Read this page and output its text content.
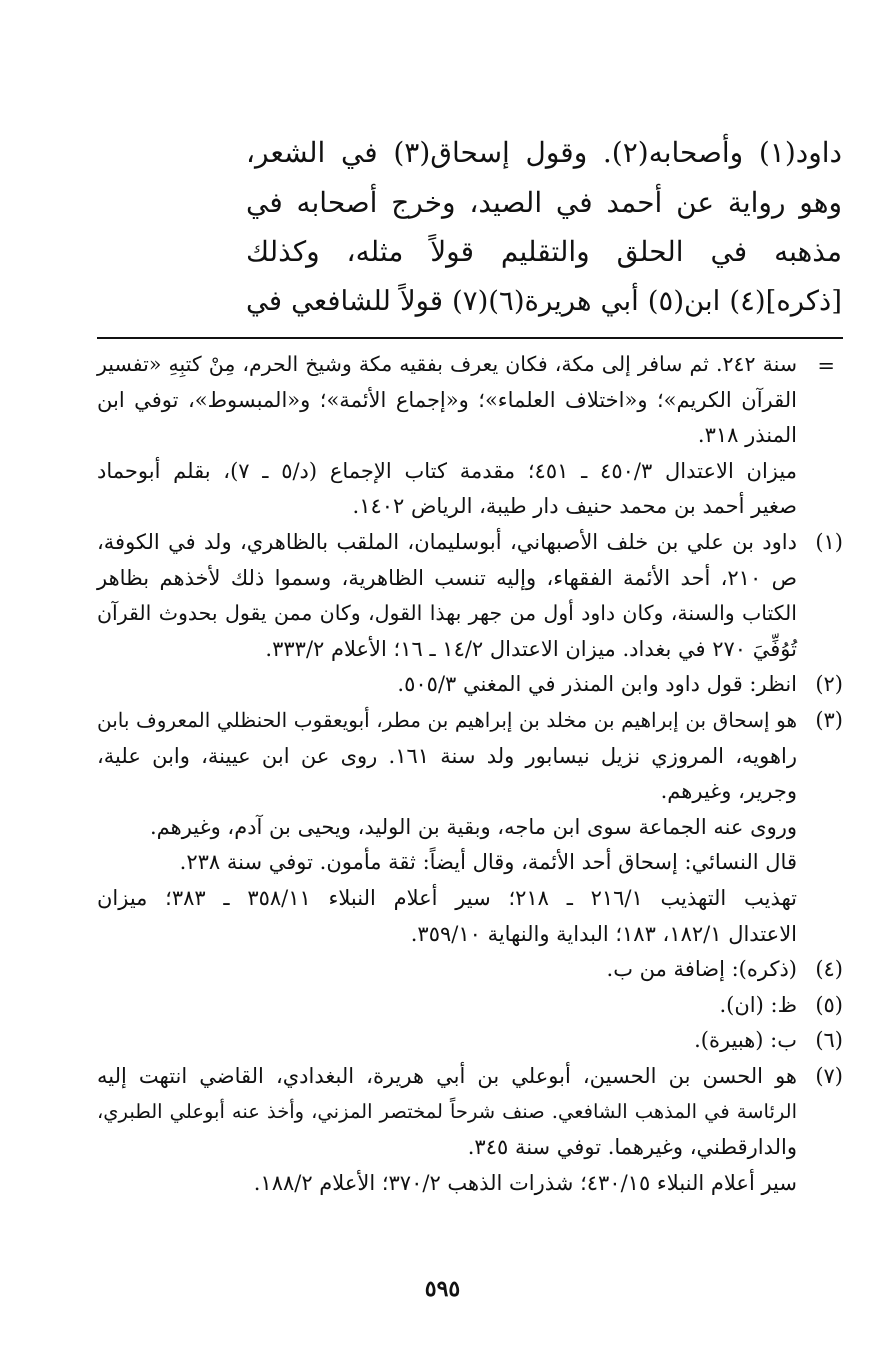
داود(١) وأصحابه(٢). وقول إسحاق(٣) في الشعر،

وهو رواية عن أحمد في الصيد، وخرج أصحابه في

مذهبه في الحلق والتقليم قولاً مثله، وكذلك

[ذكره](٤) ابن(٥) أبي هريرة(٦)(٧) قولاً للشافعي في

=
سنة ٢٤٢. ثم سافر إلى مكة، فكان يعرف بفقيه مكة وشيخ الحرم، مِنْ كتبِهِ «تفسير
القرآن الكريم»؛ و«اختلاف العلماء»؛ و«إجماع الأئمة»؛ و«المبسوط»، توفي ابن
المنذر ٣١٨.
ميزان الاعتدال ٤٥٠/٣ ـ ٤٥١؛ مقدمة كتاب الإجماع (د/٥ ـ ٧)، بقلم أبوحماد
صغير أحمد بن محمد حنيف دار طيبة، الرياض ١٤٠٢.
(١)
داود بن علي بن خلف الأصبهاني، أبوسليمان، الملقب بالظاهري، ولد في الكوفة،
ص ٢١٠، أحد الأئمة الفقهاء، وإليه تنسب الظاهرية، وسموا ذلك لأخذهم بظاهر
الكتاب والسنة، وكان داود أول من جهر بهذا القول، وكان ممن يقول بحدوث القرآن
تُوُفِّيَ ٢٧٠ في بغداد. ميزان الاعتدال ١٤/٢ ـ ١٦؛ الأعلام ٣٣٣/٢.
(٢)
انظر: قول داود وابن المنذر في المغني ٥٠٥/٣.
(٣)
هو إسحاق بن إبراهيم بن مخلد بن إبراهيم بن مطر، أبويعقوب الحنظلي المعروف بابن
راهويه، المروزي نزيل نيسابور ولد سنة ١٦١. روى عن ابن عيينة، وابن علية،
وجرير، وغيرهم.
وروى عنه الجماعة سوى ابن ماجه، وبقية بن الوليد، ويحيى بن آدم، وغيرهم.
قال النسائي: إسحاق أحد الأئمة، وقال أيضاً: ثقة مأمون. توفي سنة ٢٣٨.
تهذيب التهذيب ٢١٦/١ ـ ٢١٨؛ سير أعلام النبلاء ٣٥٨/١١ ـ ٣٨٣؛ ميزان
الاعتدال ١٨٢/١، ١٨٣؛ البداية والنهاية ٣٥٩/١٠.
(٤)
(ذكره): إضافة من ب.
(٥)
ظ: (ان).
(٦)
ب: (هبيرة).
(٧)
هو الحسن بن الحسين، أبوعلي بن أبي هريرة، البغدادي، القاضي انتهت إليه
الرئاسة في المذهب الشافعي. صنف شرحاً لمختصر المزني، وأخذ عنه أبوعلي الطبري،
والدارقطني، وغيرهما. توفي سنة ٣٤٥.
سير أعلام النبلاء ٤٣٠/١٥؛ شذرات الذهب ٣٧٠/٢؛ الأعلام ١٨٨/٢.
٥٩٥
